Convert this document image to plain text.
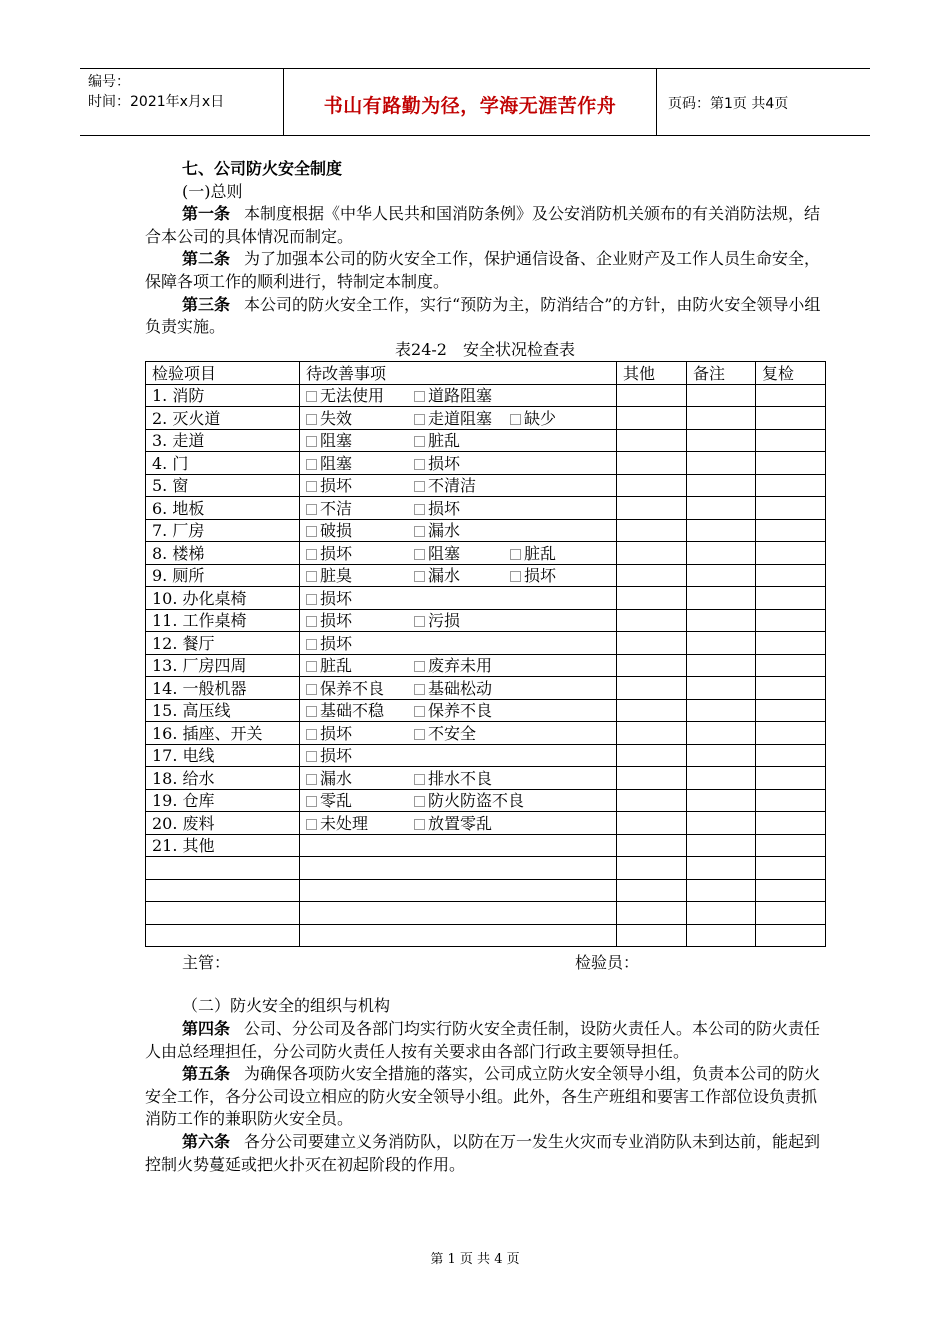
编号：
时间：2021年x月x日	书山有路勤为径，学海无涯苦作舟	页码：第1页 共4页

七、公司防火安全制度

(一)总则

第一条 本制度根据《中华人民共和国消防条例》及公安消防机关颁布的有关消防法规，结合本公司的具体情况而制定。

第二条 为了加强本公司的防火安全工作，保护通信设备、企业财产及工作人员生命安全，保障各项工作的顺利进行，特制定本制度。

第三条 本公司的防火安全工作，实行“预防为主，防消结合”的方针，由防火安全领导小组负责实施。

表24-2　安全状况检查表

检验项目	待改善事项	其他	备注	复检
1. 消防	无法使用 道路阻塞			
2. 灭火道	失效 走道阻塞 缺少			
3. 走道	阻塞 脏乱			
4. 门	阻塞 损坏			
5. 窗	损坏 不清洁			
6. 地板	不洁 损坏			
7. 厂房	破损 漏水			
8. 楼梯	损坏 阻塞 脏乱			
9. 厕所	脏臭 漏水 损坏			
10. 办化桌椅	损坏			
11. 工作桌椅	损坏 污损			
12. 餐厅	损坏			
13. 厂房四周	脏乱 废弃未用			
14. 一般机器	保养不良 基础松动			
15. 高压线	基础不稳 保养不良			
16. 插座、开关	损坏 不安全			
17. 电线	损坏			
18. 给水	漏水 排水不良			
19. 仓库	零乱 防火防盗不良			
20. 废料	未处理 放置零乱			
21. 其他				

主管：	检验员：

（二）防火安全的组织与机构

第四条 公司、分公司及各部门均实行防火安全责任制，设防火责任人。本公司的防火责任人由总经理担任，分公司防火责任人按有关要求由各部门行政主要领导担任。

第五条 为确保各项防火安全措施的落实，公司成立防火安全领导小组，负责本公司的防火安全工作，各分公司设立相应的防火安全领导小组。此外，各生产班组和要害工作部位设负责抓消防工作的兼职防火安全员。

第六条 各分公司要建立义务消防队，以防在万一发生火灾而专业消防队未到达前，能起到控制火势蔓延或把火扑灭在初起阶段的作用。

第 1 页 共 4 页
